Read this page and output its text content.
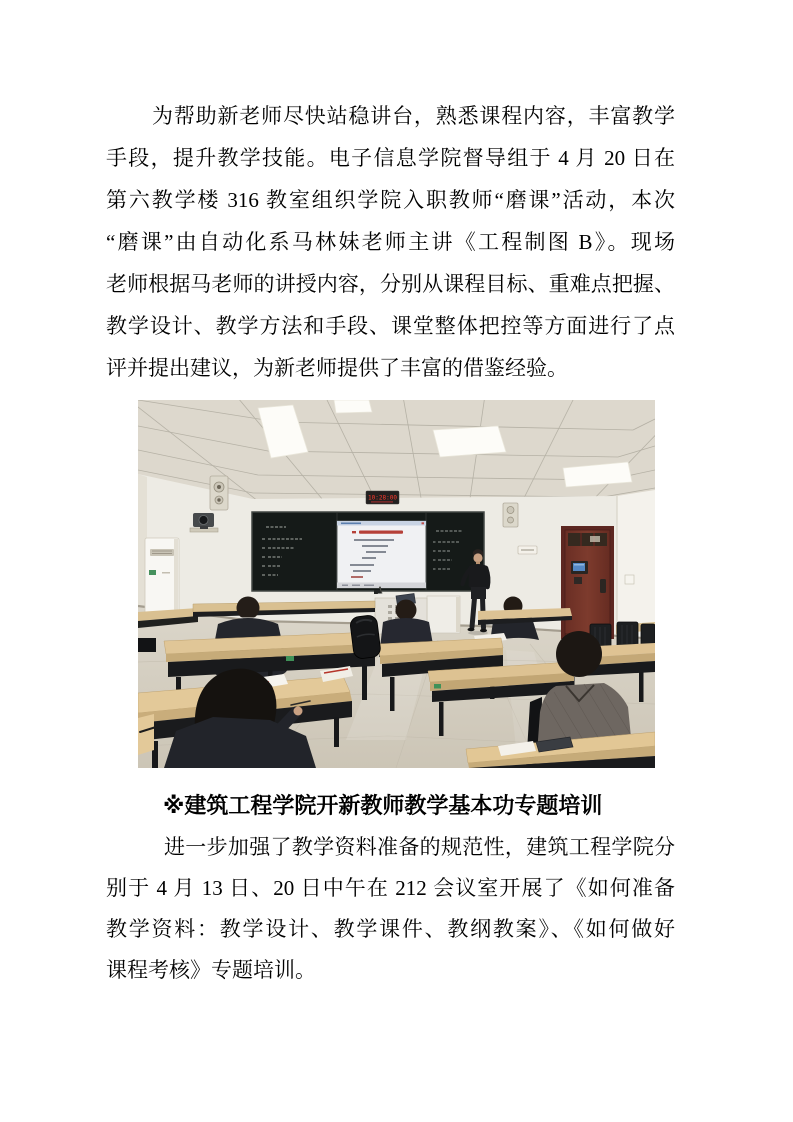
为帮助新老师尽快站稳讲台，熟悉课程内容，丰富教学
手段，提升教学技能。电子信息学院督导组于 4 月 20 日在
第六教学楼 316 教室组织学院入职教师“磨课”活动，本次
“磨课”由自动化系马林妹老师主讲《工程制图 B》。现场
老师根据马老师的讲授内容，分别从课程目标、重难点把握、
教学设计、教学方法和手段、课堂整体把控等方面进行了点
评并提出建议，为新老师提供了丰富的借鉴经验。
10:28:00
※建筑工程学院开新教师教学基本功专题培训
进一步加强了教学资料准备的规范性，建筑工程学院分
别于 4 月 13 日、20 日中午在 212 会议室开展了《如何准备
教学资料：教学设计、教学课件、教纲教案》、《如何做好
课程考核》专题培训。
